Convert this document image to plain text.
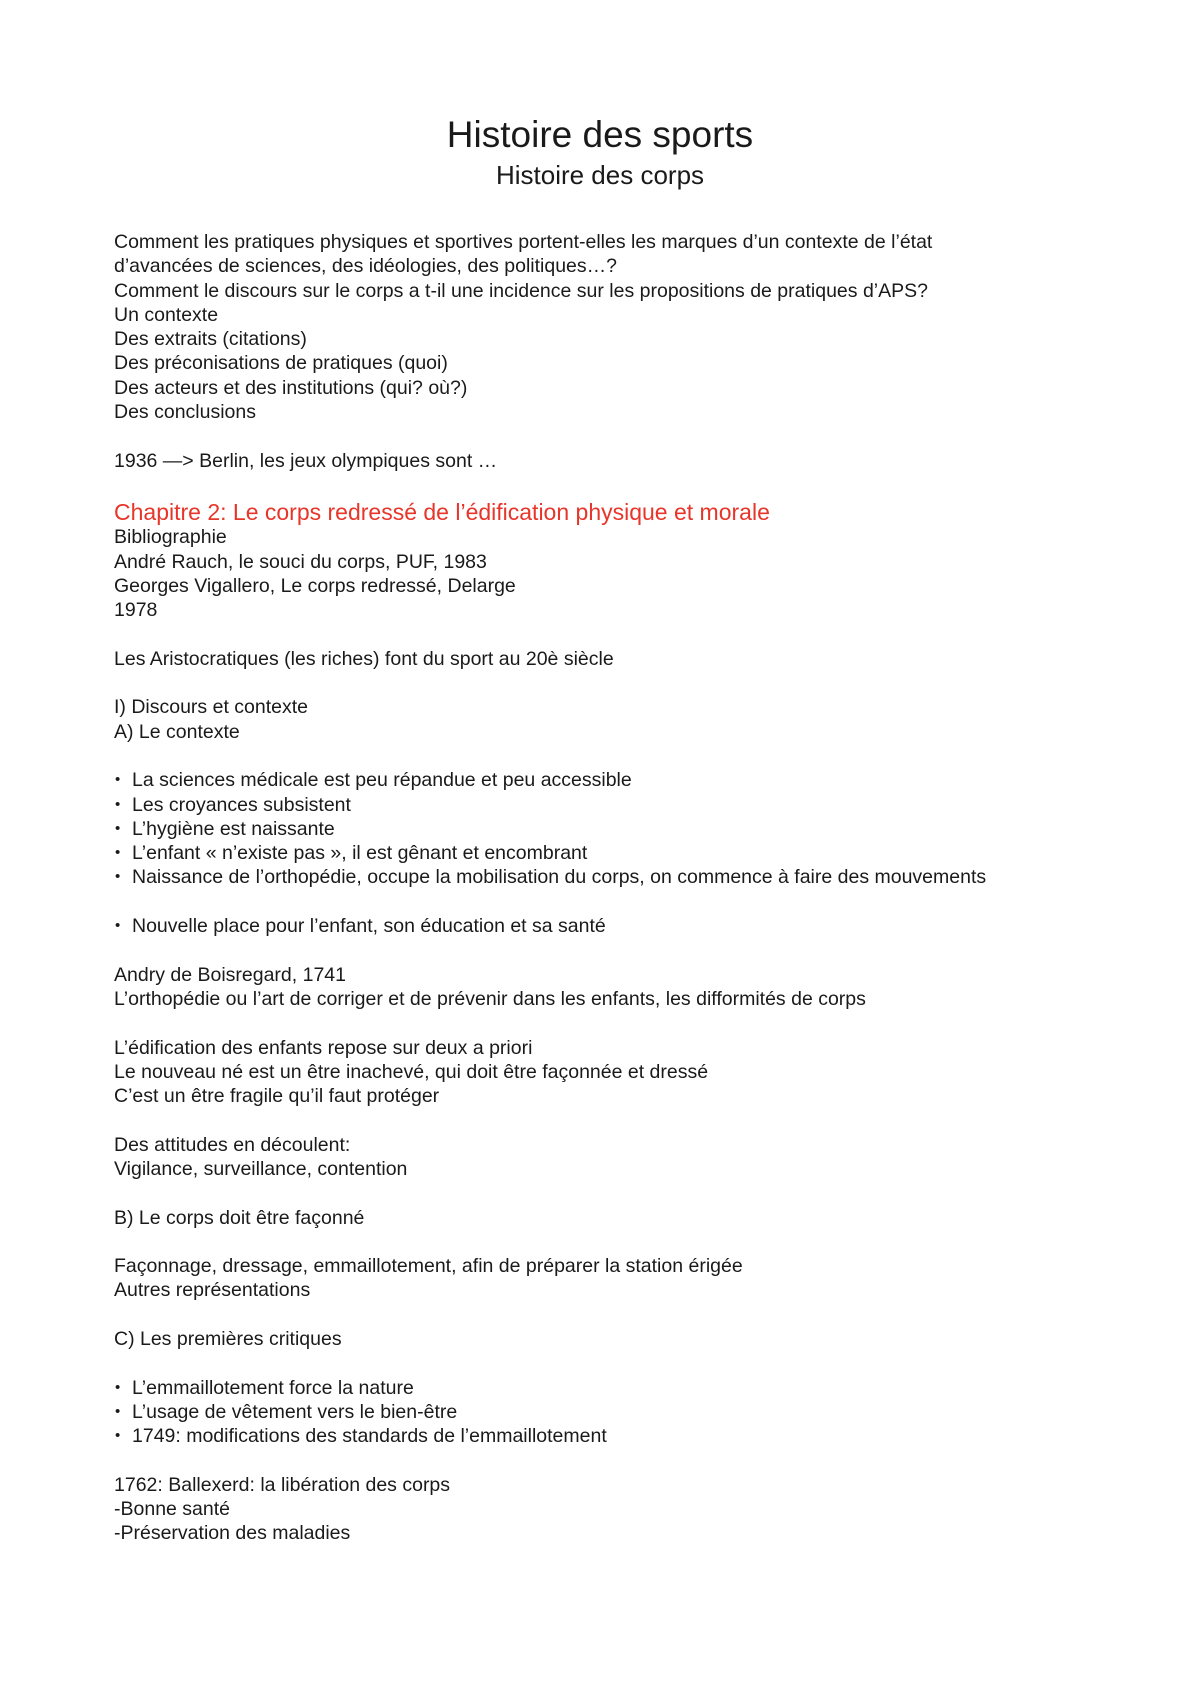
Histoire des sports
Histoire des corps
Comment les pratiques physiques et sportives portent-elles les marques d’un contexte de l’état
d’avancées de sciences, des idéologies, des politiques…?
Comment le discours sur le corps a t-il une incidence sur les propositions de pratiques d’APS?
Un contexte
Des extraits (citations)
Des préconisations de pratiques (quoi)
Des acteurs et des institutions (qui? où?)
Des conclusions
1936 —> Berlin, les jeux olympiques sont …
Chapitre 2: Le corps redressé de l’édification physique et morale
Bibliographie
André Rauch, le souci du corps, PUF, 1983
Georges Vigallero, Le corps redressé, Delarge
1978
Les Aristocratiques (les riches) font du sport au 20è siècle
I) Discours et contexte
A) Le contexte
• La sciences médicale est peu répandue et peu accessible
• Les croyances subsistent
• L’hygiène est naissante
• L’enfant « n’existe pas », il est gênant et encombrant
• Naissance de l’orthopédie, occupe la mobilisation du corps, on commence à faire des mouvements
• Nouvelle place pour l’enfant, son éducation et sa santé
Andry de Boisregard, 1741
L’orthopédie ou l’art de corriger et de prévenir dans les enfants, les difformités de corps
L’édification des enfants repose sur deux a priori
Le nouveau né est un être inachevé, qui doit être façonnée et dressé
C’est un être fragile qu’il faut protéger
Des attitudes en découlent:
Vigilance, surveillance, contention
B) Le corps doit être façonné
Façonnage, dressage, emmaillotement, afin de préparer la station érigée
Autres représentations
C) Les premières critiques
• L’emmaillotement force la nature
• L’usage de vêtement vers le bien-être
• 1749: modifications des standards de l’emmaillotement
1762: Ballexerd: la libération des corps
-Bonne santé
-Préservation des maladies
